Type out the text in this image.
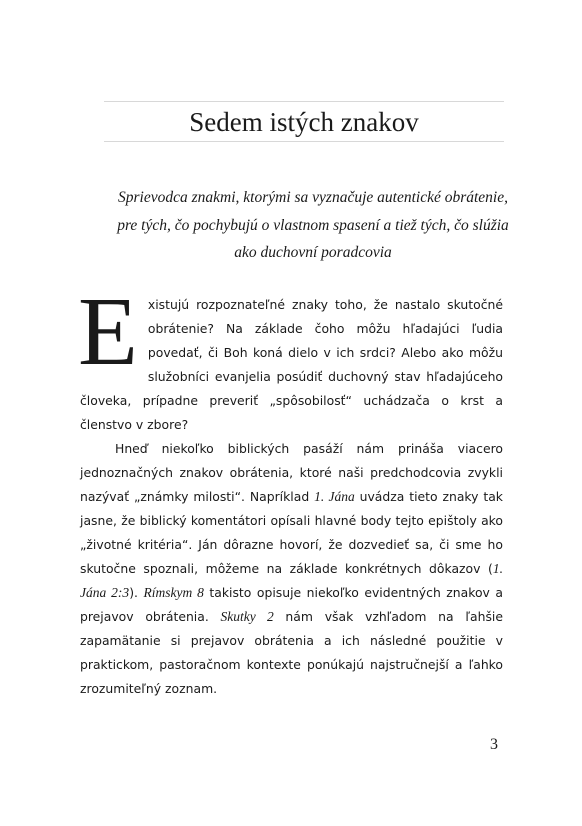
Sedem istých znakov

Sprievodca znakmi, ktorými sa vyznačuje autentické obrátenie, pre tých, čo pochybujú o vlastnom spasení a tiež tých, čo slúžia ako duchovní poradcovia

Existujú rozpoznateľné znaky toho, že nastalo skutočné obrátenie? Na základe čoho môžu hľadajúci ľudia povedať, či Boh koná dielo v ich srdci? Alebo ako môžu služobníci evanjelia posúdiť duchovný stav hľadajúceho človeka, prípadne preveriť „spôsobilosť“ uchádzača o krst a členstvo v zbore?

Hneď niekoľko biblických pasáží nám prináša viacero jednoznačných znakov obrátenia, ktoré naši predchodcovia zvykli nazývať „známky milosti“. Napríklad 1. Jána uvádza tieto znaky tak jasne, že biblický komentátori opísali hlavné body tejto epištoly ako „životné kritéria“. Ján dôrazne hovorí, že dozvedieť sa, či sme ho skutočne spoznali, môžeme na základe konkrétnych dôkazov (1. Jána 2:3). Rímskym 8 takisto opisuje niekoľko evidentných znakov a prejavov obrátenia. Skutky 2 nám však vzhľadom na ľahšie zapamätanie si prejavov obrátenia a ich následné použitie v praktickom, pastoračnom kontexte ponúkajú najstručnejší a ľahko zrozumiteľný zoznam.

3
